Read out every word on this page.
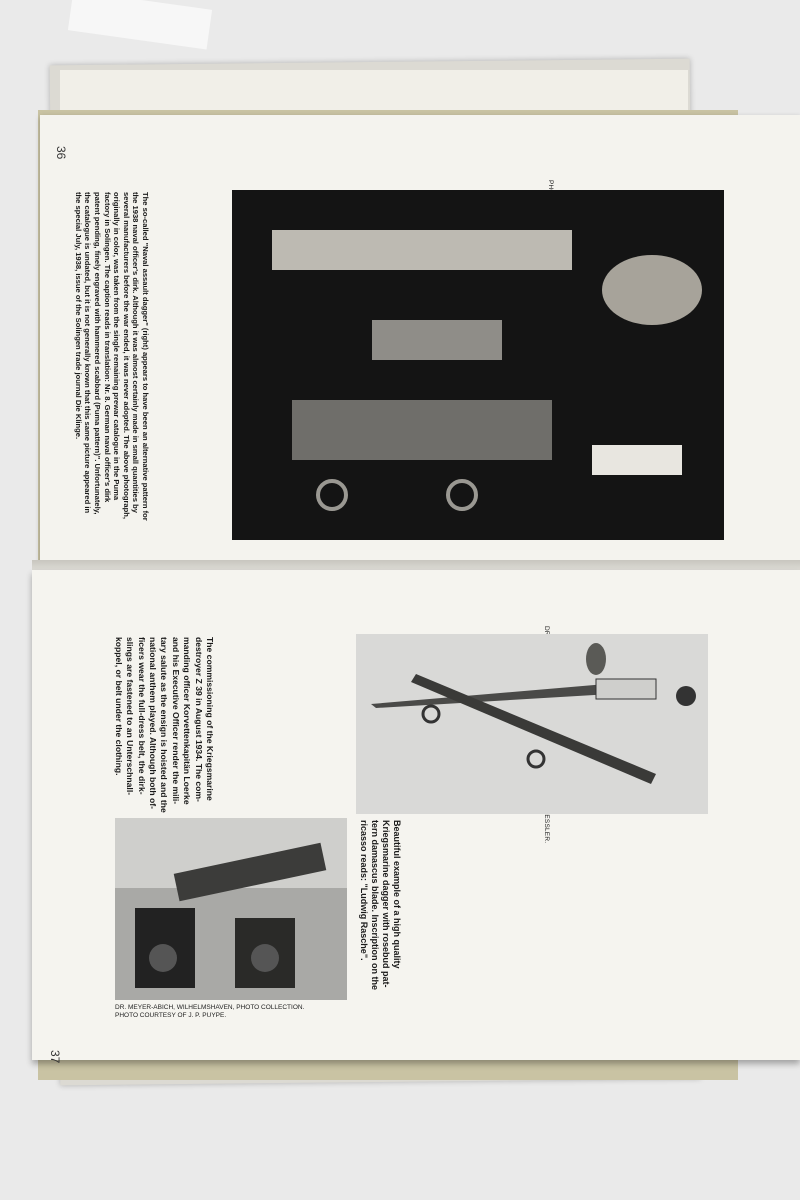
36
The so-called "Naval assault dagger" (right) appears to have been an alternative pattern for
the 1938 naval officer's dirk. Although it was almost certainly made in small quantities by
several manufacturers before the war ended, it was never adopted. The above photograph,
originally in color, was taken from the single remaining prewar catalogue in the Puma
factory in Solingen. The caption reads in translation: Nr. 8. German naval officer's dirk
patent pending, finely engraved with hammered scabbard (Puma pattern)". Unfortunately,
the catalogue is undated, but it is not generally known that this same picture appeared in
the special July, 1938, issue of the Solingen trade journal Die Klinge.
Beautiful example of a high quality
Kriegsmarine dagger with rosebud pat-
tern damascus blade. Inscription on the
ricasso reads: "Ludwig Rasche".
The commissioning of the Kriegsmarine
destroyer Z 39 in August 1934. The com-
manding officer Korvettenkapitän Loerke
and his Executive Officer render the mili-
tary salute as the ensign is hoisted and the
national anthem played. Although both of-
ficers wear the full-dress belt, the dirk-
slings are fastened to an Unterschnall-
koppel, or belt under the clothing.
DR. MEYER-ABICH, WILHELMSHAVEN, PHOTO COLLECTION.
PHOTO COURTESY OF J. P. PUYPE.
37
